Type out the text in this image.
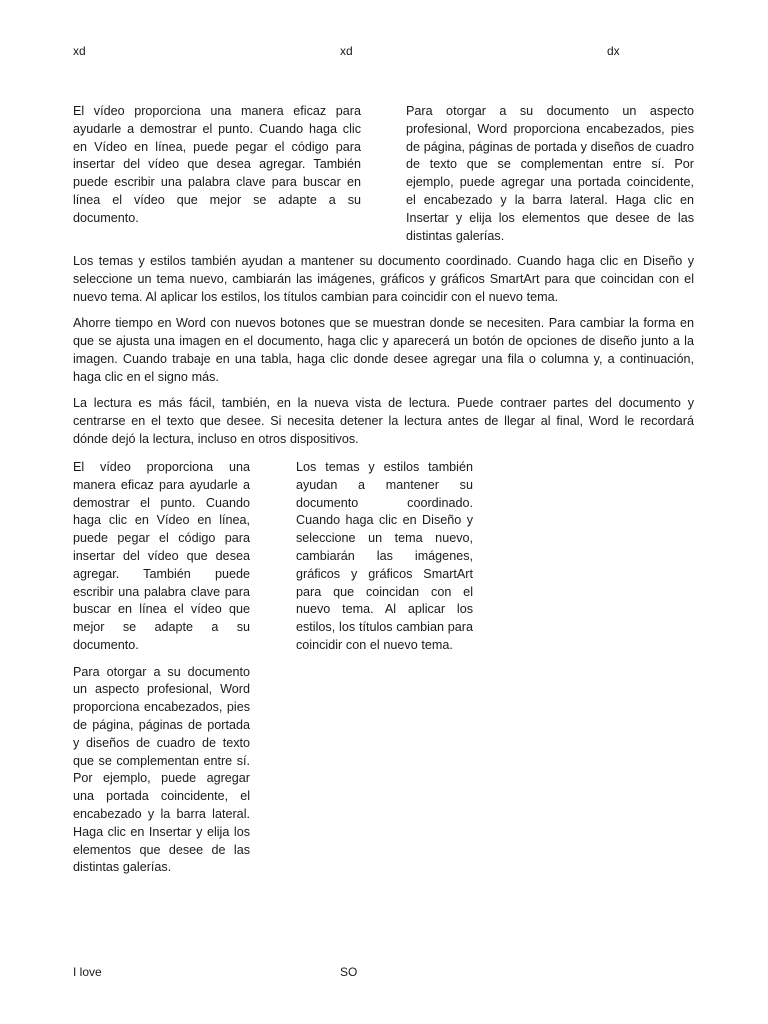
xd	xd	dx

El vídeo proporciona una manera eficaz para ayudarle a demostrar el punto. Cuando haga clic en Vídeo en línea, puede pegar el código para insertar del vídeo que desea agregar. También puede escribir una palabra clave para buscar en línea el vídeo que mejor se adapte a su documento.

Para otorgar a su documento un aspecto profesional, Word proporciona encabezados, pies de página, páginas de portada y diseños de cuadro de texto que se complementan entre sí. Por ejemplo, puede agregar una portada coincidente, el encabezado y la barra lateral. Haga clic en Insertar y elija los elementos que desee de las distintas galerías.

Los temas y estilos también ayudan a mantener su documento coordinado. Cuando haga clic en Diseño y seleccione un tema nuevo, cambiarán las imágenes, gráficos y gráficos SmartArt para que coincidan con el nuevo tema. Al aplicar los estilos, los títulos cambian para coincidir con el nuevo tema.

Ahorre tiempo en Word con nuevos botones que se muestran donde se necesiten. Para cambiar la forma en que se ajusta una imagen en el documento, haga clic y aparecerá un botón de opciones de diseño junto a la imagen. Cuando trabaje en una tabla, haga clic donde desee agregar una fila o columna y, a continuación, haga clic en el signo más.

La lectura es más fácil, también, en la nueva vista de lectura. Puede contraer partes del documento y centrarse en el texto que desee. Si necesita detener la lectura antes de llegar al final, Word le recordará dónde dejó la lectura, incluso en otros dispositivos.

El vídeo proporciona una manera eficaz para ayudarle a demostrar el punto. Cuando haga clic en Vídeo en línea, puede pegar el código para insertar del vídeo que desea agregar. También puede escribir una palabra clave para buscar en línea el vídeo que mejor se adapte a su documento.

Para otorgar a su documento un aspecto profesional, Word proporciona encabezados, pies de página, páginas de portada y diseños de cuadro de texto que se complementan entre sí. Por ejemplo, puede agregar una portada coincidente, el encabezado y la barra lateral. Haga clic en Insertar y elija los elementos que desee de las distintas galerías.

Los temas y estilos también ayudan a mantener su documento coordinado. Cuando haga clic en Diseño y seleccione un tema nuevo, cambiarán las imágenes, gráficos y gráficos SmartArt para que coincidan con el nuevo tema. Al aplicar los estilos, los títulos cambian para coincidir con el nuevo tema.

I love	SO
